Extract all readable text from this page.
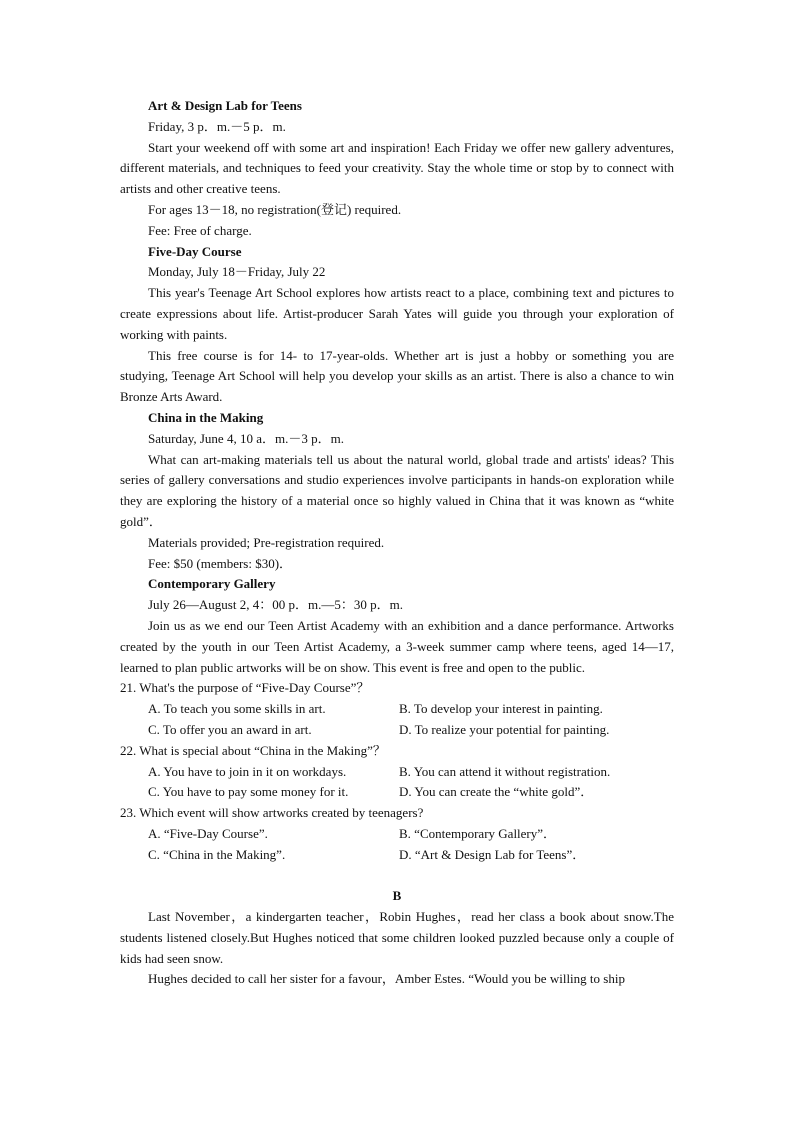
Art & Design Lab for Teens

Friday, 3 p．m.－5 p．m.

Start your weekend off with some art and inspiration! Each Friday we offer new gallery adventures, different materials, and techniques to feed your creativity. Stay the whole time or stop by to connect with artists and other creative teens.

For ages 13－18, no registration(登记) required.

Fee: Free of charge.

Five-Day Course

Monday, July 18－Friday, July 22

This year's Teenage Art School explores how artists react to a place, combining text and pictures to create expressions about life. Artist-producer Sarah Yates will guide you through your exploration of working with paints.

This free course is for 14- to 17-year-olds. Whether art is just a hobby or something you are studying, Teenage Art School will help you develop your skills as an artist. There is also a chance to win Bronze Arts Award.

China in the Making

Saturday, June 4, 10 a．m.－3 p．m.

What can art-making materials tell us about the natural world, global trade and artists' ideas? This series of gallery conversations and studio experiences involve participants in hands-on exploration while they are exploring the history of a material once so highly valued in China that it was known as “white gold”．

Materials provided; Pre-registration required.

Fee: $50 (members: $30)．

Contemporary Gallery

July 26—August 2, 4：00 p．m.—5：30 p．m.

Join us as we end our Teen Artist Academy with an exhibition and a dance performance. Artworks created by the youth in our Teen Artist Academy, a 3-week summer camp where teens, aged 14—17, learned to plan public artworks will be on show. This event is free and open to the public.

21. What's the purpose of “Five-Day Course”？

A. To teach you some skills in art.	B. To develop your interest in painting.
C. To offer you an award in art.	D. To realize your potential for painting.

22. What is special about “China in the Making”？

A. You have to join in it on workdays.	B. You can attend it without registration.
C. You have to pay some money for it.	D. You can create the “white gold”．

23. Which event will show artworks created by teenagers?

A. “Five-Day Course”.	B. “Contemporary Gallery”．
C. “China in the Making”.	D. “Art & Design Lab for Teens”．

B

Last November，a kindergarten teacher，Robin Hughes，read her class a book about snow.The students listened closely.But Hughes noticed that some children looked puzzled because only a couple of kids had seen snow.

Hughes decided to call her sister for a favour，Amber Estes. “Would you be willing to ship
